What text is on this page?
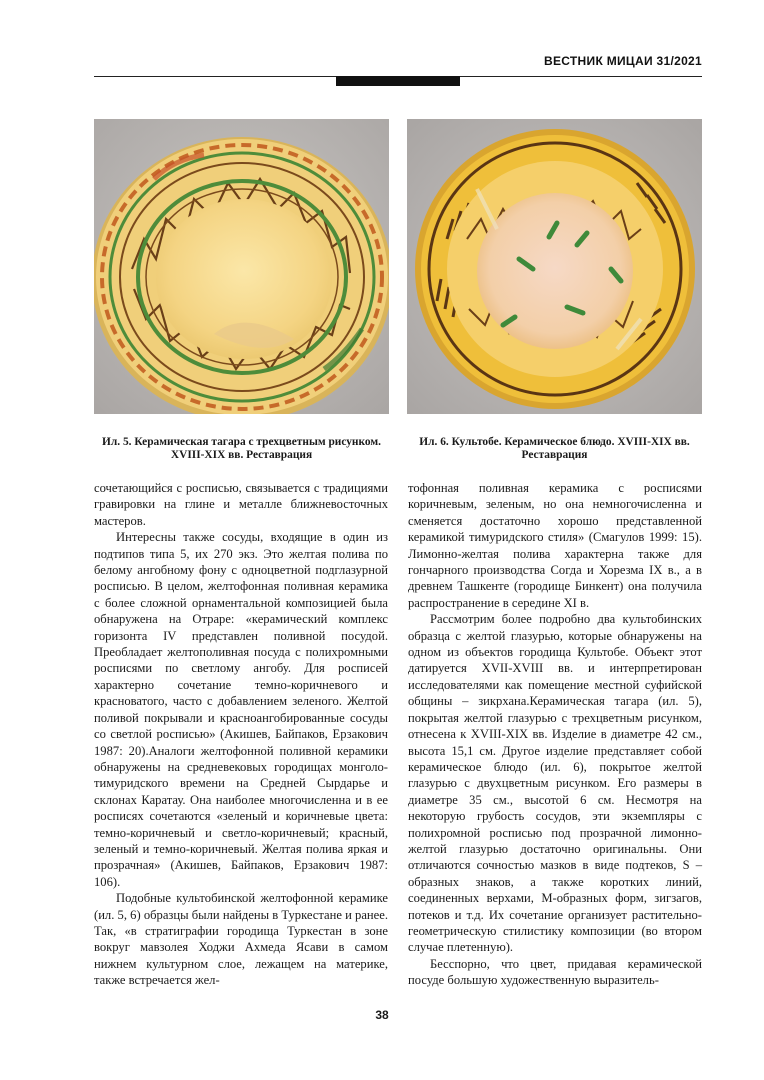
ВЕСТНИК МИЦАИ 31/2021
Ил. 5. Керамическая тагара с трехцветным рисунком. XVIII-XIX вв. Реставрация
Ил. 6. Культобе. Керамическое блюдо. XVIII-XIX вв. Реставрация

сочетающийся с росписью, связывается с традициями гравировки на глине и металле ближневосточных мастеров.

Интересны также сосуды, входящие в один из подтипов типа 5, их 270 экз. Это желтая полива по белому ангобному фону с одноцветной подглазурной росписью. В целом, желтофонная поливная керамика с более сложной орнаментальной композицией была обнаружена на Отраре: «керамический комплекс горизонта IV представлен поливной посудой. Преобладает желтополивная посуда с полихромными росписями по светлому ангобу. Для росписей характерно сочетание темно-коричневого и красноватого, часто с добавлением зеленого. Желтой поливой покрывали и красноангобированные сосуды со светлой росписью» (Акишев, Байпаков, Ерзакович 1987: 20).Аналоги желтофонной поливной керамики обнаружены на средневековых городищах монголо-тимуридского времени на Средней Сырдарье и склонах Каратау. Она наиболее многочисленна и в ее росписях сочетаются «зеленый и коричневые цвета: темно-коричневый и светло-коричневый; красный, зеленый и темно-коричневый. Желтая полива яркая и прозрачная» (Акишев, Байпаков, Ерзакович 1987: 106).

Подобные культобинской желтофонной керамике (ил. 5, 6) образцы были найдены в Туркестане и ранее. Так, «в стратиграфии городища Туркестан в зоне вокруг мавзолея Ходжи Ахмеда Ясави в самом нижнем культурном слое, лежащем на материке, также встречается жел-

тофонная поливная керамика с росписями коричневым, зеленым, но она немногочисленна и сменяется достаточно хорошо представленной керамикой тимуридского стиля» (Смагулов 1999: 15). Лимонно-желтая полива характерна также для гончарного производства Согда и Хорезма IX в., а в древнем Ташкенте (городище Бинкент) она получила распространение в середине XI в.

Рассмотрим более подробно два культобинских образца с желтой глазурью, которые обнаружены на одном из объектов городища Культобе. Объект этот датируется XVII-XVIII вв. и интерпретирован исследователями как помещение местной суфийской общины – зикрхана.Керамическая тагара (ил. 5), покрытая желтой глазурью с трехцветным рисунком, отнесена к XVIII-XIX вв. Изделие в диаметре 42 см., высота 15,1 см. Другое изделие представляет собой керамическое блюдо (ил. 6), покрытое желтой глазурью с двухцветным рисунком. Его размеры в диаметре 35 см., высотой 6 см. Несмотря на некоторую грубость сосудов, эти экземпляры с полихромной росписью под прозрачной лимонно-желтой глазурью достаточно оригинальны. Они отличаются сочностью мазков в виде подтеков, S – образных знаков, а также коротких линий, соединенных верхами, М-образных форм, зигзагов, потеков и т.д. Их сочетание организует растительно-геометрическую стилистику композиции (во втором случае плетенную).

Бесспорно, что цвет, придавая керамической посуде большую художественную выразитель-

38
